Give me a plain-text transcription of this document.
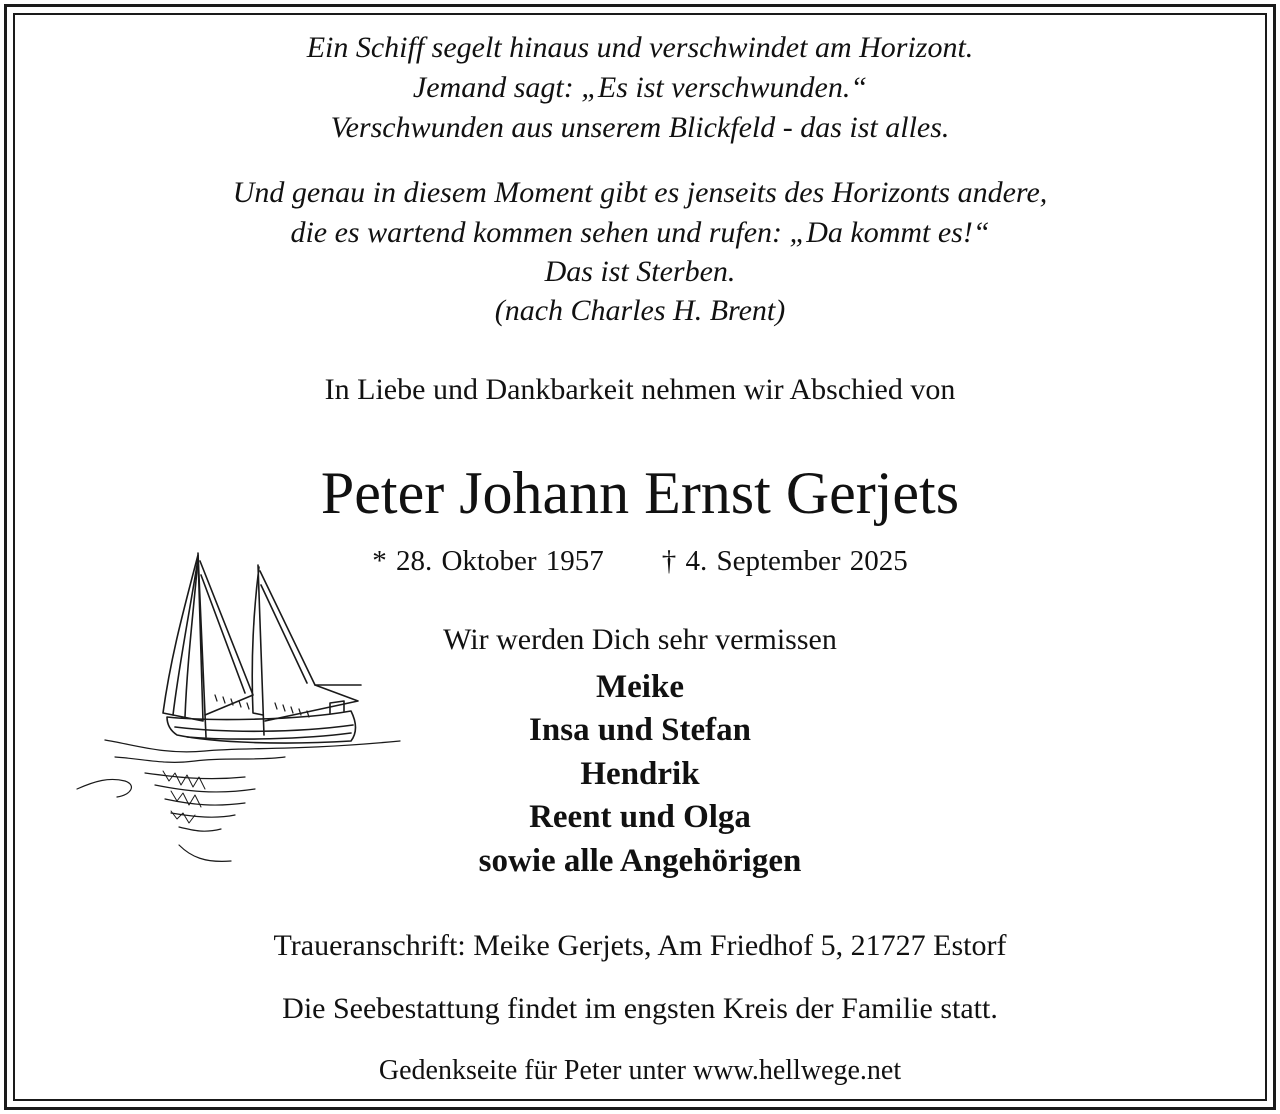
Ein Schiff segelt hinaus und verschwindet am Horizont.
Jemand sagt: „Es ist verschwunden.“
Verschwunden aus unserem Blickfeld - das ist alles.
Und genau in diesem Moment gibt es jenseits des Horizonts andere,
die es wartend kommen sehen und rufen: „Da kommt es!“
Das ist Sterben.
(nach Charles H. Brent)
In Liebe und Dankbarkeit nehmen wir Abschied von
Peter Johann Ernst Gerjets
* 28. Oktober 1957 † 4. September 2025
Wir werden Dich sehr vermissen
Meike
Insa und Stefan
Hendrik
Reent und Olga
sowie alle Angehörigen
Traueranschrift: Meike Gerjets, Am Friedhof 5, 21727 Estorf
Die Seebestattung findet im engsten Kreis der Familie statt.
Gedenkseite für Peter unter www.hellwege.net
